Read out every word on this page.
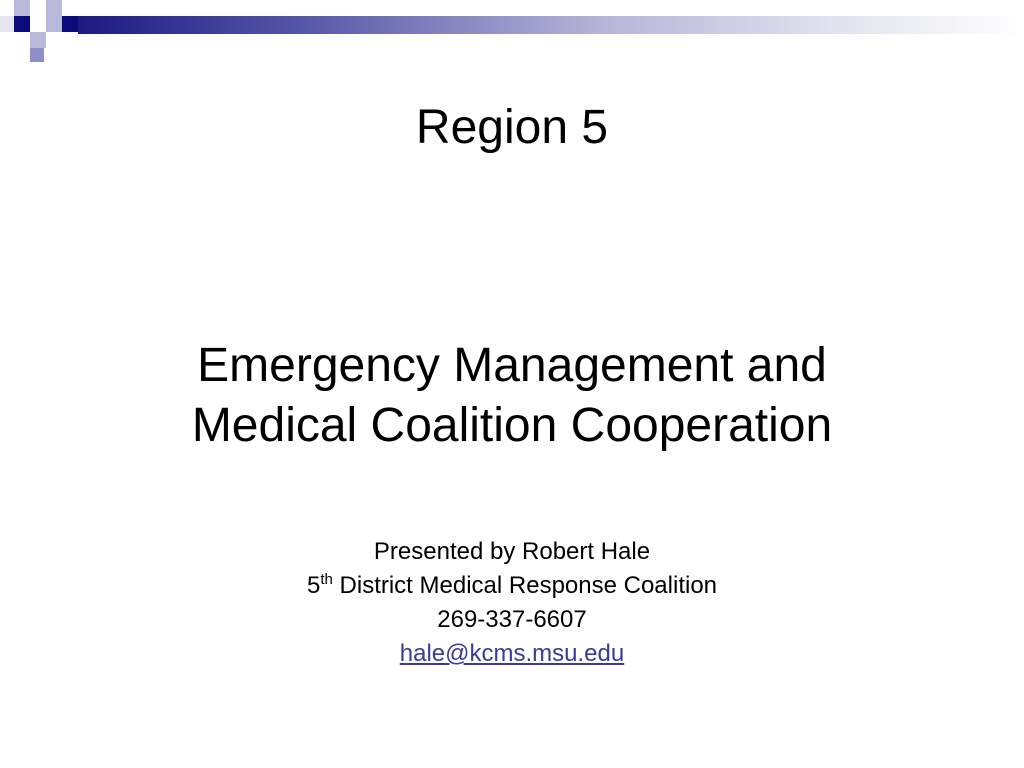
Region 5
Emergency Management and
Medical Coalition Cooperation
Presented by Robert Hale
5th District Medical Response Coalition
269-337-6607
hale@kcms.msu.edu
